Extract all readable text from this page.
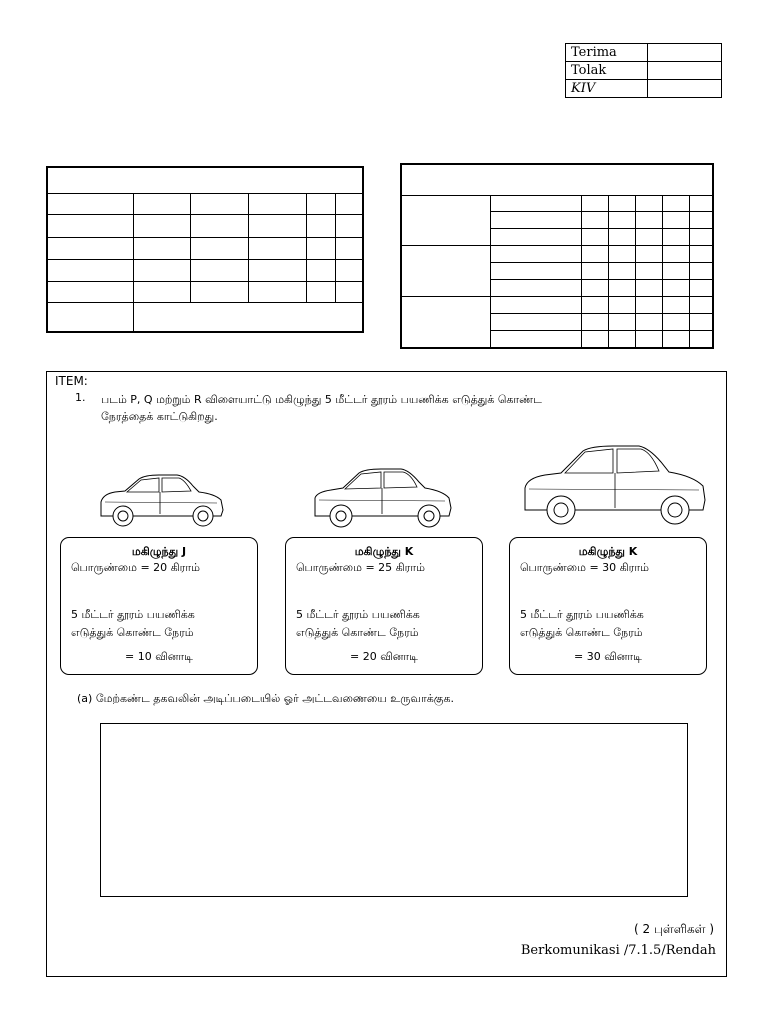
Terima	
Tolak	
KIV	
ITEM:
1. படம் P, Q மற்றும் R விளையாட்டு மகிழுந்து 5 மீட்டர் தூரம் பயணிக்க எடுத்துக் கொண்ட
நேரத்தைக் காட்டுகிறது.
மகிழுந்து J
பொருண்மை = 20 கிராம்
5 மீட்டர் தூரம் பயணிக்க
எடுத்துக் கொண்ட நேரம்
= 10 வினாடி
மகிழுந்து K
பொருண்மை = 25 கிராம்
5 மீட்டர் தூரம் பயணிக்க
எடுத்துக் கொண்ட நேரம்
= 20 வினாடி
மகிழுந்து K
பொருண்மை = 30 கிராம்
5 மீட்டர் தூரம் பயணிக்க
எடுத்துக் கொண்ட நேரம்
= 30 வினாடி
(a) மேற்கண்ட தகவலின் அடிப்படையில் ஓர் அட்டவணையை உருவாக்குக.
( 2 புள்ளிகள் )
Berkomunikasi /7.1.5/Rendah
